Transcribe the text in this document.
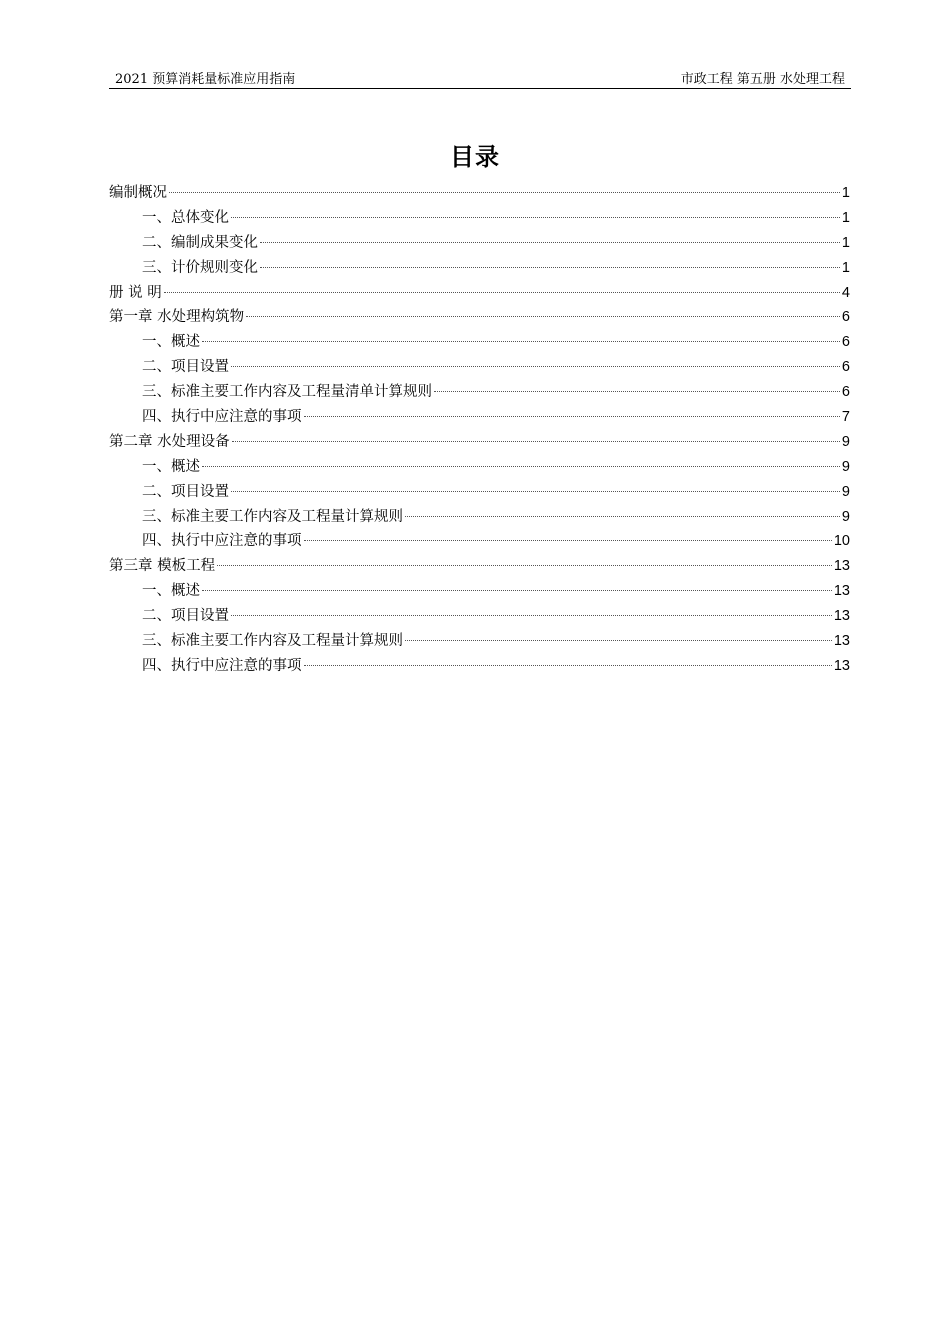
2021 预算消耗量标准应用指南	市政工程 第五册 水处理工程
目录
编制概况	1
一、总体变化	1
二、编制成果变化	1
三、计价规则变化	1
册 说 明	4
第一章 水处理构筑物	6
一、概述	6
二、项目设置	6
三、标准主要工作内容及工程量清单计算规则	6
四、执行中应注意的事项	7
第二章 水处理设备	9
一、概述	9
二、项目设置	9
三、标准主要工作内容及工程量计算规则	9
四、执行中应注意的事项	10
第三章 模板工程	13
一、概述	13
二、项目设置	13
三、标准主要工作内容及工程量计算规则	13
四、执行中应注意的事项	13
